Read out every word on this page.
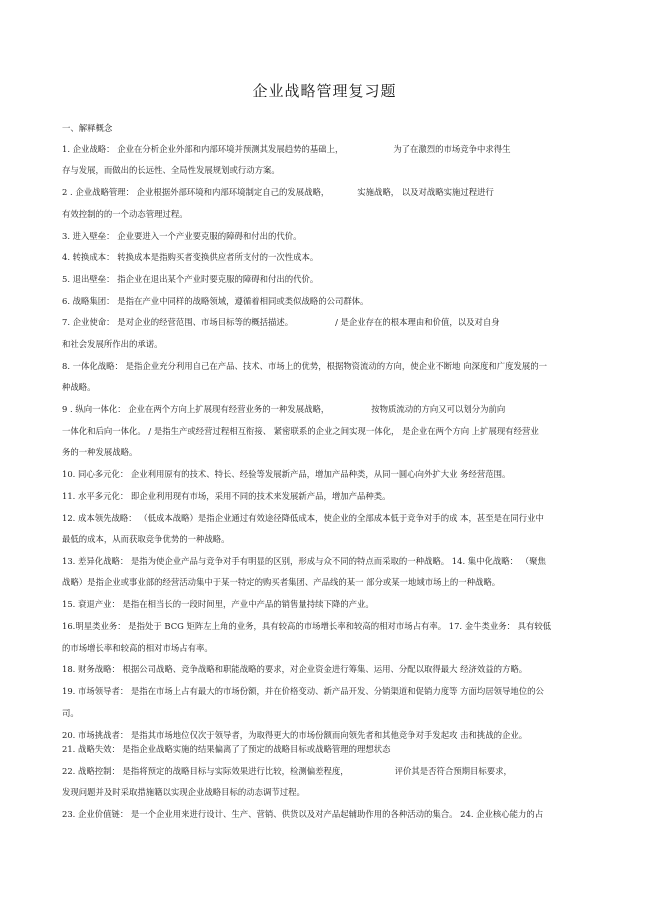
企业战略管理复习题
一、解释概念
1. 企业战略： 企业在分析企业外部和内部环境并预测其发展趋势的基础上，	为了在激烈的市场竞争中求得生
存与发展，而做出的长远性、全局性发展规划或行动方案。
2 . 企业战略管理： 企业根据外部环境和内部环境制定自己的发展战略，	实施战略， 以及对战略实施过程进行
有效控制的的一个动态管理过程。
3. 进入壁垒： 企业要进入一个产业要克服的障碍和付出的代价。
4. 转换成本： 转换成本是指购买者变换供应者所支付的一次性成本。
5. 退出壁垒： 指企业在退出某个产业时要克服的障碍和付出的代价。
6. 战略集团： 是指在产业中同样的战略领域，遵循着相同或类似战略的公司群体。
7. 企业使命： 是对企业的经营范围、市场目标等的概括描述。	/ 是企业存在的根本理由和价值，以及对自身
和社会发展所作出的承诺。
8. 一体化战略： 是指企业充分利用自己在产品、技术、市场上的优势，根据物资流动的方向，使企业不断地 向深度和广度发展的一
种战略。
9 . 纵向一体化： 企业在两个方向上扩展现有经营业务的一种发展战略，	按物质流动的方向又可以划分为前向
一体化和后向一体化。 / 是指生产或经营过程相互衔接、 紧密联系的企业之间实现一体化， 是企业在两个方向 上扩展现有经营业
务的一种发展战略。
10. 同心多元化： 企业利用原有的技术、特长、经验等发展新产品，增加产品种类，从同一圆心向外扩大业 务经营范围。
11. 水平多元化： 即企业利用现有市场，采用不同的技术来发展新产品，增加产品种类。
12. 成本领先战略： （低成本战略）是指企业通过有效途径降低成本，使企业的全部成本低于竞争对手的成 本，甚至是在同行业中
最低的成本，从而获取竞争优势的一种战略。
13. 差异化战略： 是指为使企业产品与竞争对手有明显的区别，形成与众不同的特点而采取的一种战略。 14. 集中化战略： （聚焦
战略）是指企业或事业部的经营活动集中于某一特定的购买者集团、产品线的某一 部分或某一地域市场上的一种战略。
15. 衰退产业： 是指在相当长的一段时间里，产业中产品的销售量持续下降的产业。
16.明星类业务： 是指处于 BCG 矩阵左上角的业务，具有较高的市场增长率和较高的相对市场占有率。 17. 金牛类业务： 具有较低
的市场增长率和较高的相对市场占有率。
18. 财务战略： 根据公司战略、竞争战略和职能战略的要求，对企业资金进行筹集、运用、分配以取得最大 经济效益的方略。
19. 市场领导者： 是指在市场上占有最大的市场份额，并在价格变动、新产品开发、分销渠道和促销力度等 方面均居领导地位的公
司。
20. 市场挑战者： 是指其市场地位仅次于领导者，为取得更大的市场份额而向领先者和其他竞争对手发起攻 击和挑战的企业。
21. 战略失效： 是指企业战略实施的结果偏离了了预定的战略目标或战略管理的理想状态
22. 战略控制： 是指将预定的战略目标与实际效果进行比较，检测偏差程度，	评价其是否符合预期目标要求，
发现问题并及时采取措施籍以实现企业战略目标的动态调节过程。
23. 企业价值链： 是一个企业用来进行设计、生产、营销、供货以及对产品起辅助作用的各种活动的集合。 24. 企业核心能力的占
